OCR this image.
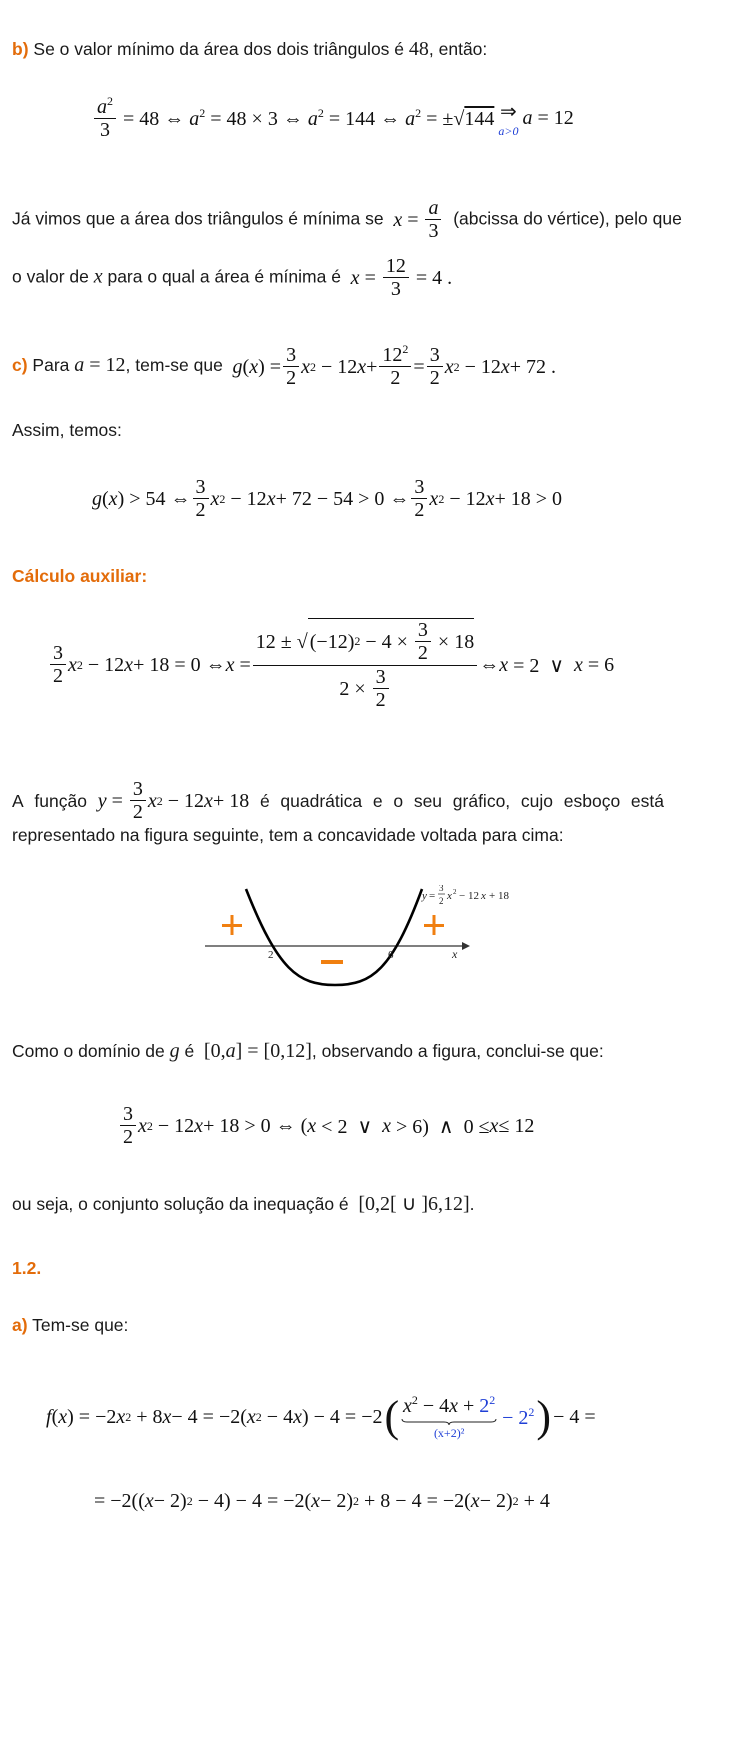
b) Se o valor mínimo da área dos dois triângulos é 48, então:
$\frac{a^2}{3} = 48$ ⇔ $a^2 = 48 \times 3$ ⇔ $a^2 = 144$ ⇔ $a^2 = \pm√144$ ⇒
a>0
a = 12
Já vimos que a área dos triângulos é mínima se $x = \frac{a}{3}$ (abcissa do vértice), pelo que
o valor de x para o qual a área é mínima é $x = \frac{12}{3} = 4$ .
c) Para a = 12, tem-se que g ( x ) = $\frac{3}{2}$ x 2 − 12 $x + \frac{12^2}{2} = \frac{3}{2}$ x 2 − 12 x + 72 .
Assim, temos:
g ( x ) > 54 ⇔ $\frac{3}{2}$ x 2 − 12 x + 72 − 54 > 0 ⇔ $\frac{3}{2}$ x 2 − 12 x + 18 > 0
Cálculo auxiliar:
$\frac{3}{2}$ x 2 − 12 x + 18 = 0 ⇔ $x = \frac{12 \pm √ (-12) 2 - 4 \times \frac{3}{2} \times 18}{2 \times \frac{3}{2}}$ ⇔ x = 2  ∨ x = 6
A função $y = \frac{3}{2}$ x 2 − 12 x + 18 é quadrática e o seu gráfico, cujo esboço está
representado na figura seguinte, tem a concavidade voltada para cima:
2	6	x
y =
3
2 x 2 − 12 x + 18
Como o domínio de g é  [0,a] = [0,12], observando a figura, conclui-se que:
$\frac{3}{2}$ x 2 − 12 x + 18 > 0 ⇔ ( x < 2  ∨ x > 6)  ∧  0 ≤ x ≤ 12
ou seja, o conjunto solução da inequação é  [0,2[ ∪ ]6,12].
1.2.
a) Tem-se que:
f ( x ) = −2 x 2 + 8 x − 4 = −2( x 2 − 4 x ) − 4 = −2 ( $x^2 - 4x + 2^2$
(x+2)²
− $2^2$ ) − 4 =
= −2(( x − 2) 2 − 4) − 4 = −2( x − 2) 2 + 8 − 4 = −2( x − 2) 2 + 4
